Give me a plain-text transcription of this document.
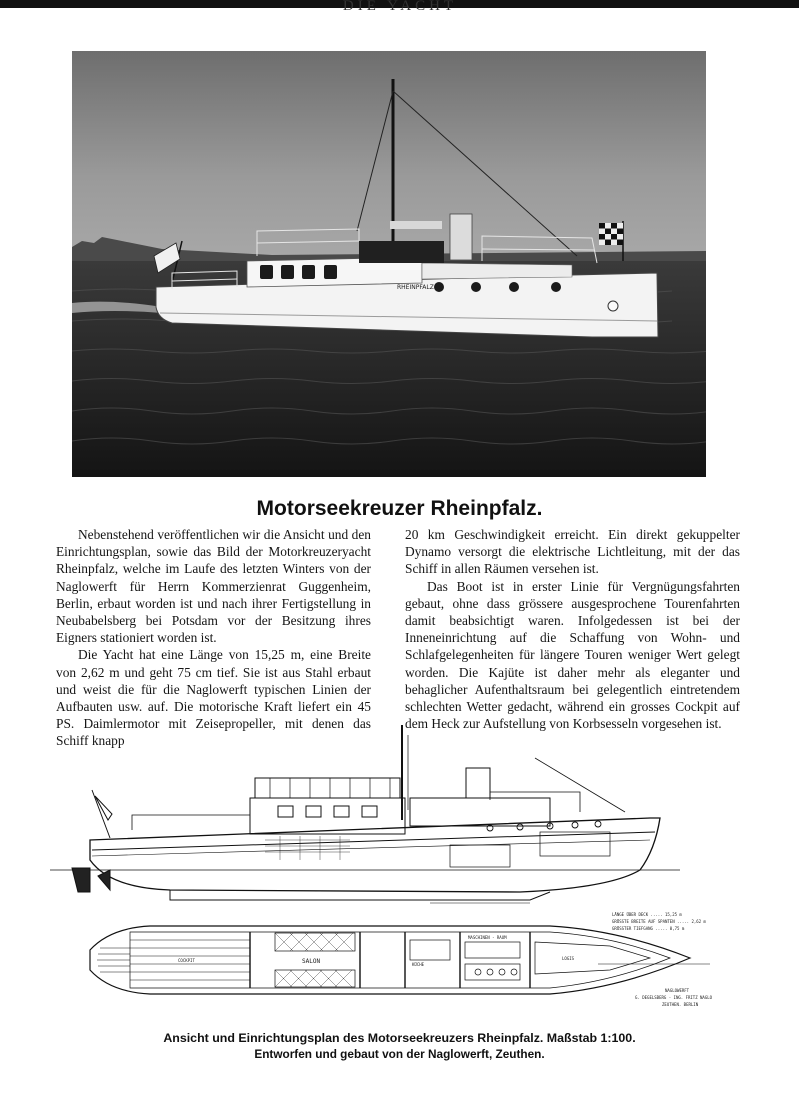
DIE YACHT
RHEINPFALZ
Motorseekreuzer Rheinpfalz.

Nebenstehend veröffentlichen wir die Ansicht und den Einrichtungsplan, sowie das Bild der Motorkreuzeryacht Rheinpfalz, welche im Laufe des letzten Winters von der Naglowerft für Herrn Kommerzienrat Guggenheim, Berlin, erbaut worden ist und nach ihrer Fertigstellung in Neubabelsberg bei Potsdam vor der Besitzung ihres Eigners stationiert worden ist.

Die Yacht hat eine Länge von 15,25 m, eine Breite von 2,62 m und geht 75 cm tief. Sie ist aus Stahl erbaut und weist die für die Naglowerft typischen Linien der Aufbauten usw. auf. Die motorische Kraft liefert ein 45 PS. Daimlermotor mit Zeisepropeller, mit denen das Schiff knapp

20 km Geschwindigkeit erreicht. Ein direkt gekuppelter Dynamo versorgt die elektrische Lichtleitung, mit der das Schiff in allen Räumen versehen ist.

Das Boot ist in erster Linie für Vergnügungsfahrten gebaut, ohne dass grössere ausgesprochene Tourenfahrten damit beabsichtigt waren. Infolgedessen ist bei der Inneneinrichtung auf die Schaffung von Wohn- und Schlafgelegenheiten für längere Touren weniger Wert gelegt worden. Die Kajüte ist daher mehr als eleganter und behaglicher Aufenthaltsraum bei gelegentlich eintretendem schlechten Wetter gedacht, während ein grosses Cockpit auf dem Heck zur Aufstellung von Korbsesseln vorgesehen ist.

COCKPIT	SALON
MASCHINEN - RAUM
LOGIS
KÜCHE
LÄNGE ÜBER DECK ..... 15,25 m
GRÖSSTE BREITE AUF SPANTEN ..... 2,62 m
GRÖSSTER TIEFGANG ..... 0,75 m
NAGLOWERFT
G. DEGELSBERG - ING. FRITZ NAGLO
ZEUTHEN. BERLIN
Ansicht und Einrichtungsplan des Motorseekreuzers Rheinpfalz. Maßstab 1:100.
Entworfen und gebaut von der Naglowerft, Zeuthen.
